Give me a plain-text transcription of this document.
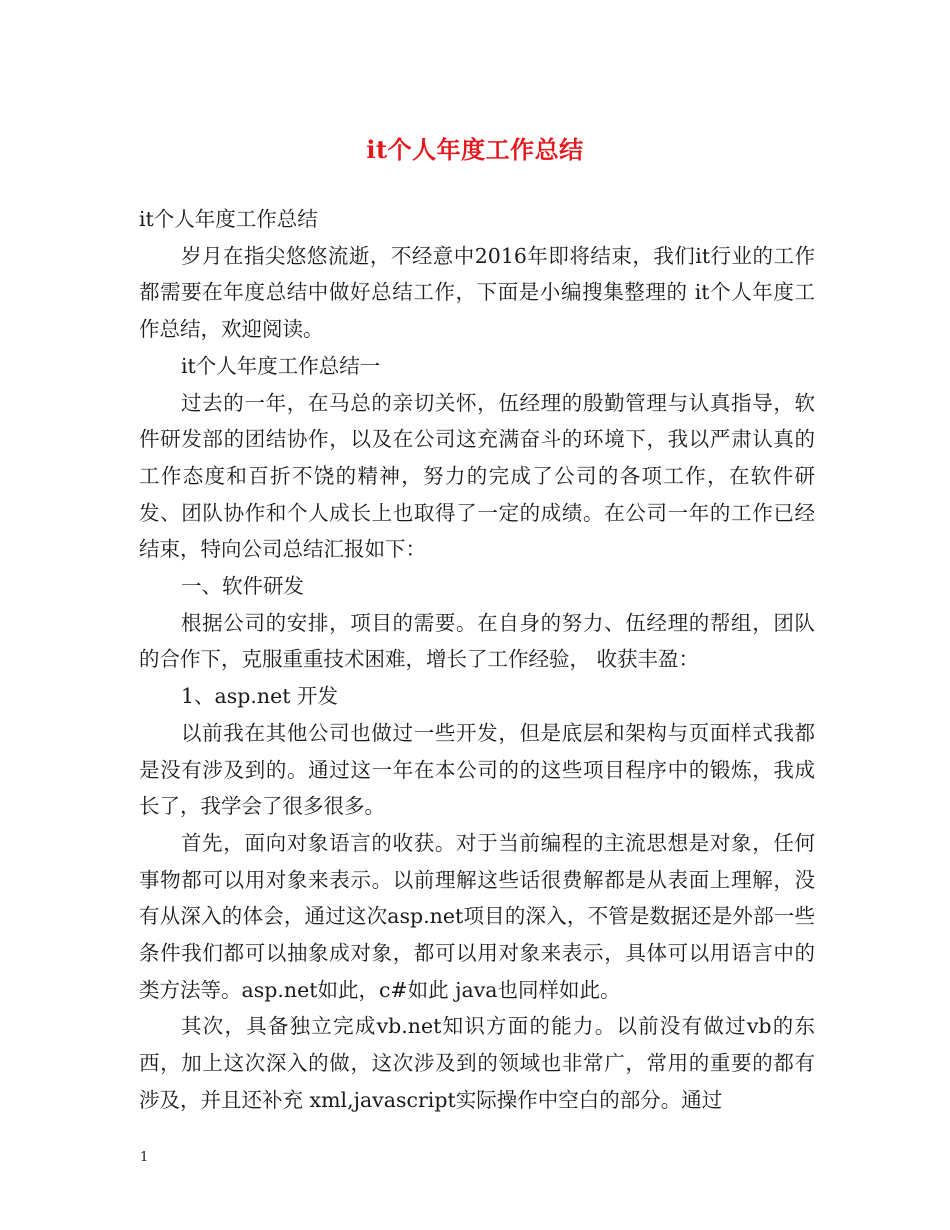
it个人年度工作总结

it个人年度工作总结

岁月在指尖悠悠流逝，不经意中2016年即将结束，我们it行业的工作都需要在年度总结中做好总结工作，下面是小编搜集整理的 it个人年度工作总结，欢迎阅读。

it个人年度工作总结一

过去的一年，在马总的亲切关怀，伍经理的殷勤管理与认真指导，软件研发部的团结协作，以及在公司这充满奋斗的环境下，我以严肃认真的工作态度和百折不饶的精神，努力的完成了公司的各项工作，在软件研发、团队协作和个人成长上也取得了一定的成绩。在公司一年的工作已经结束，特向公司总结汇报如下：

一、软件研发

根据公司的安排，项目的需要。在自身的努力、伍经理的帮组，团队的合作下，克服重重技术困难，增长了工作经验， 收获丰盈：

1、asp.net 开发

以前我在其他公司也做过一些开发，但是底层和架构与页面样式我都是没有涉及到的。通过这一年在本公司的的这些项目程序中的锻炼，我成长了，我学会了很多很多。

首先，面向对象语言的收获。对于当前编程的主流思想是对象，任何事物都可以用对象来表示。以前理解这些话很费解都是从表面上理解，没有从深入的体会，通过这次asp.net项目的深入，不管是数据还是外部一些条件我们都可以抽象成对象，都可以用对象来表示，具体可以用语言中的类方法等。asp.net如此，c#如此 java也同样如此。

其次，具备独立完成vb.net知识方面的能力。以前没有做过vb的东西，加上这次深入的做，这次涉及到的领域也非常广，常用的重要的都有涉及，并且还补充 xml,javascript实际操作中空白的部分。通过

1
